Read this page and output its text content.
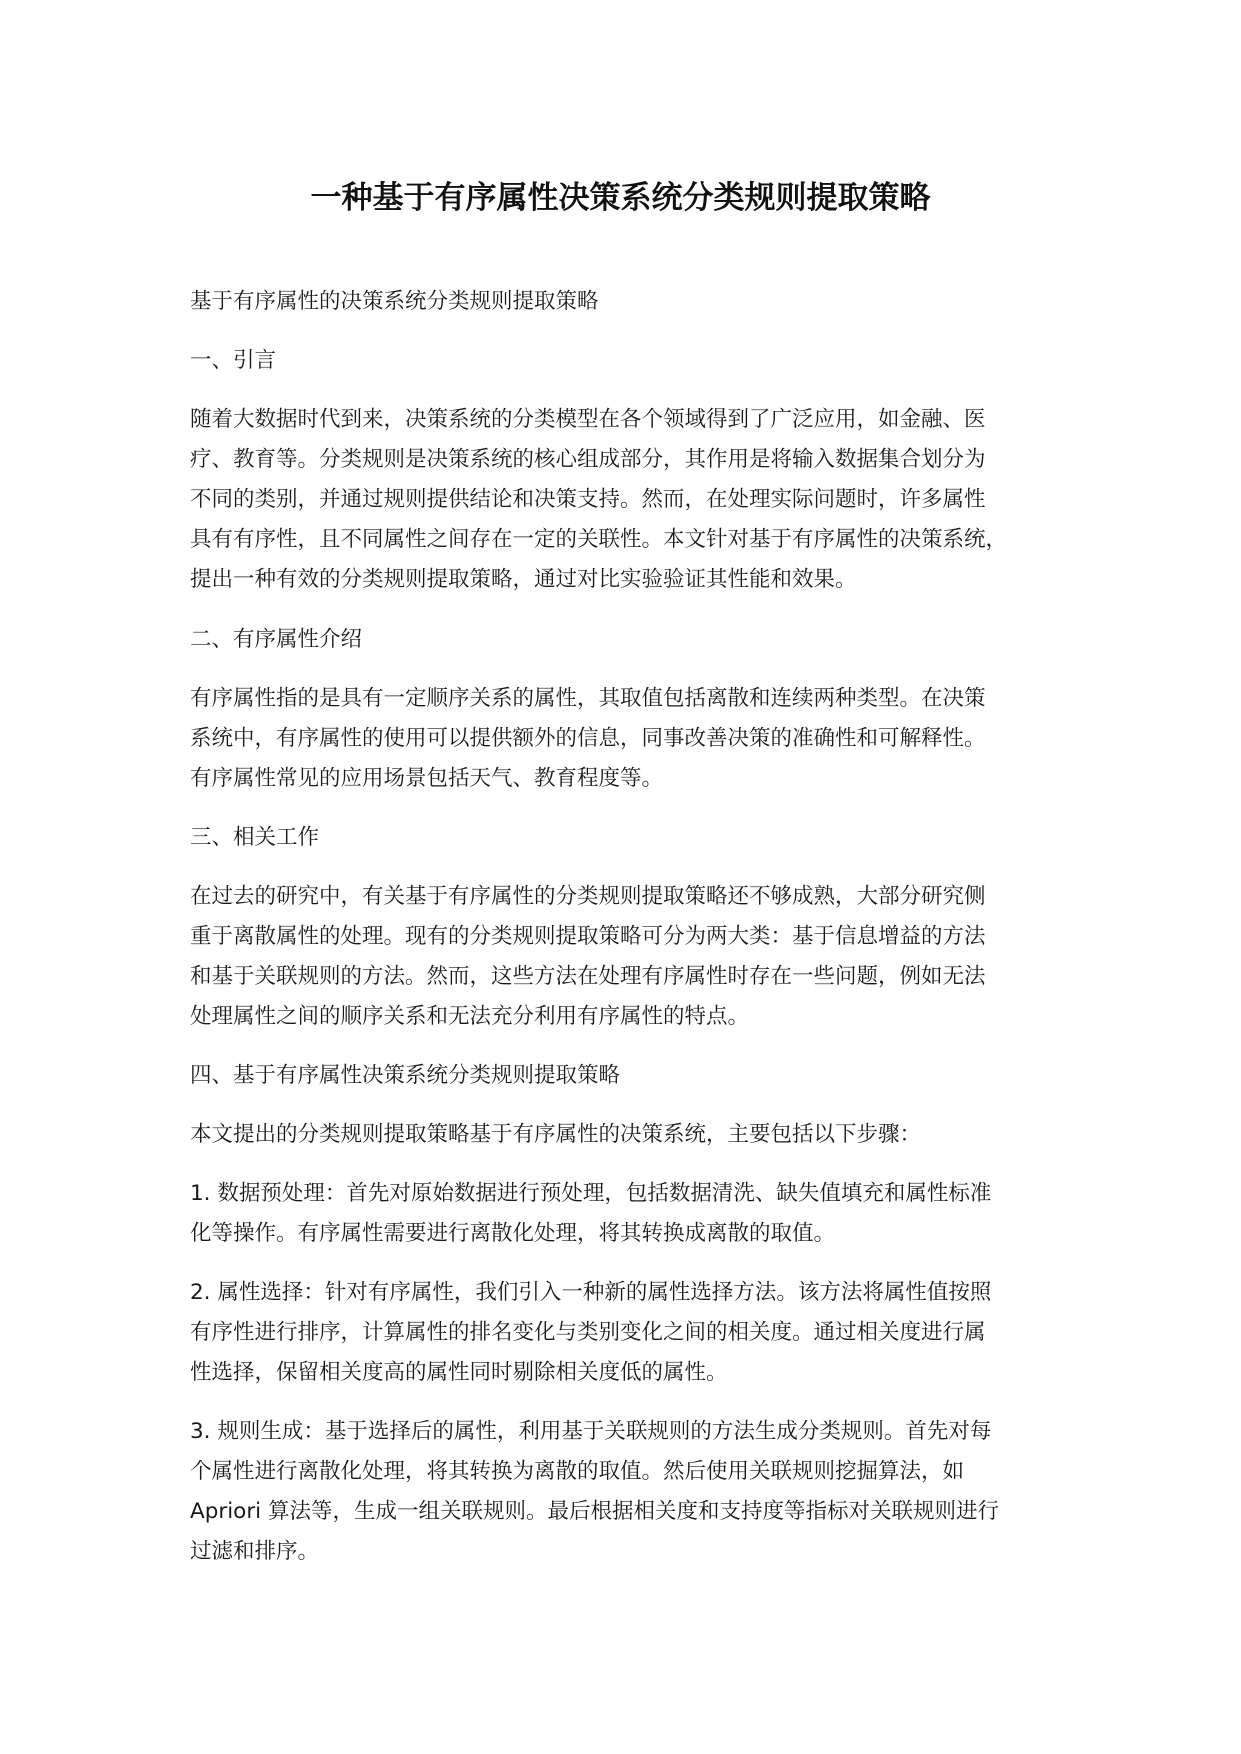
一种基于有序属性决策系统分类规则提取策略

基于有序属性的决策系统分类规则提取策略

一、引言

随着大数据时代到来，决策系统的分类模型在各个领域得到了广泛应用，如金融、医
疗、教育等。分类规则是决策系统的核心组成部分，其作用是将输入数据集合划分为
不同的类别，并通过规则提供结论和决策支持。然而，在处理实际问题时，许多属性
具有有序性，且不同属性之间存在一定的关联性。本文针对基于有序属性的决策系统，
提出一种有效的分类规则提取策略，通过对比实验验证其性能和效果。

二、有序属性介绍

有序属性指的是具有一定顺序关系的属性，其取值包括离散和连续两种类型。在决策
系统中，有序属性的使用可以提供额外的信息，同事改善决策的准确性和可解释性。
有序属性常见的应用场景包括天气、教育程度等。

三、相关工作

在过去的研究中，有关基于有序属性的分类规则提取策略还不够成熟，大部分研究侧
重于离散属性的处理。现有的分类规则提取策略可分为两大类：基于信息增益的方法
和基于关联规则的方法。然而，这些方法在处理有序属性时存在一些问题，例如无法
处理属性之间的顺序关系和无法充分利用有序属性的特点。

四、基于有序属性决策系统分类规则提取策略

本文提出的分类规则提取策略基于有序属性的决策系统，主要包括以下步骤：

1. 数据预处理：首先对原始数据进行预处理，包括数据清洗、缺失值填充和属性标准
化等操作。有序属性需要进行离散化处理，将其转换成离散的取值。

2. 属性选择：针对有序属性，我们引入一种新的属性选择方法。该方法将属性值按照
有序性进行排序，计算属性的排名变化与类别变化之间的相关度。通过相关度进行属
性选择，保留相关度高的属性同时剔除相关度低的属性。

3. 规则生成：基于选择后的属性，利用基于关联规则的方法生成分类规则。首先对每
个属性进行离散化处理，将其转换为离散的取值。然后使用关联规则挖掘算法，如
Apriori 算法等，生成一组关联规则。最后根据相关度和支持度等指标对关联规则进行
过滤和排序。
